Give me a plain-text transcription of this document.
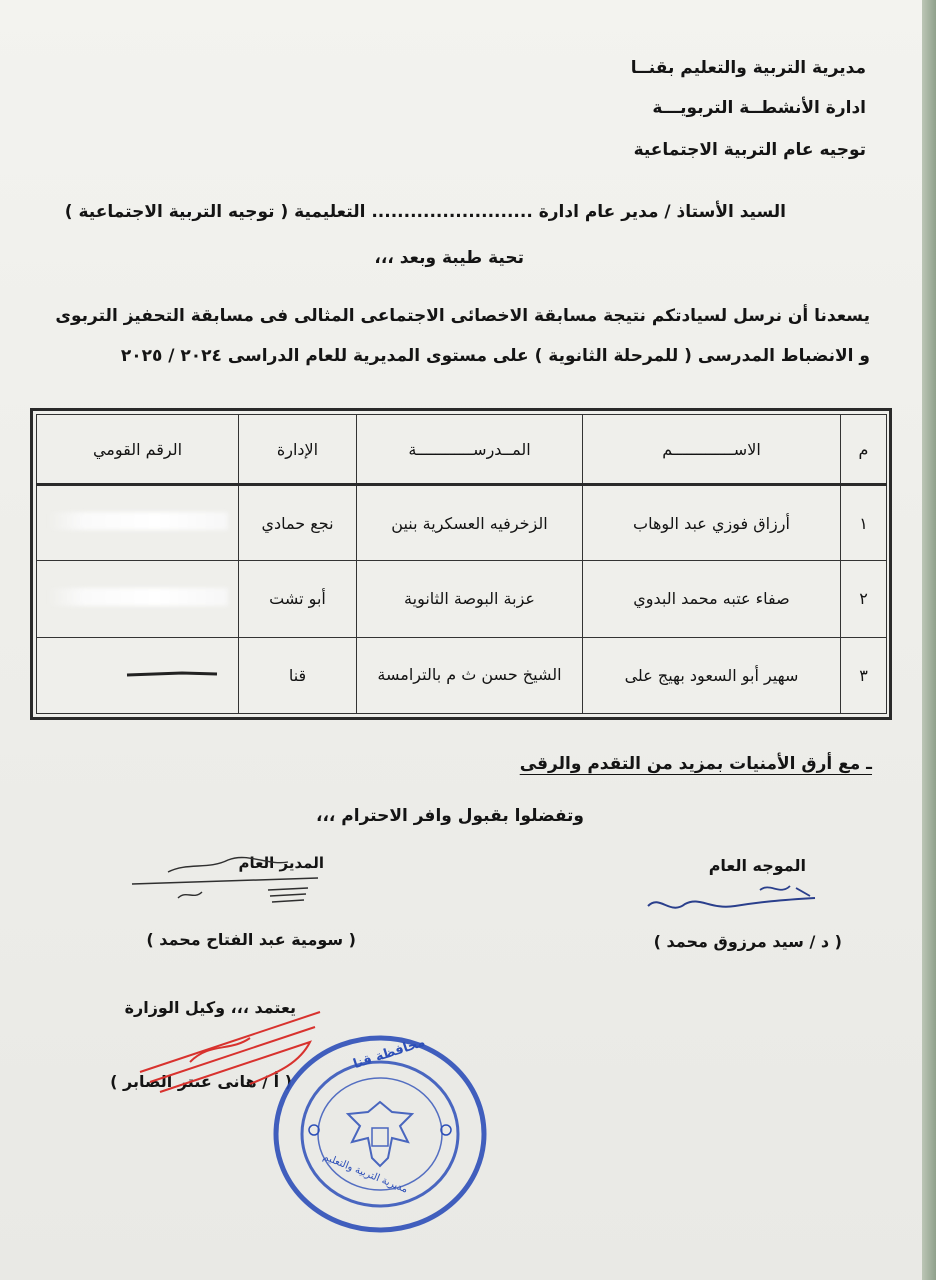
مديرية التربية والتعليم بقنــا
ادارة الأنشطــة التربويـــة
توجيه عام التربية الاجتماعية
السيد الأستاذ / مدير عام ادارة ......................... التعليمية ( توجيه التربية الاجتماعية )
تحية طيبة وبعد ،،،
يسعدنا أن نرسل لسيادتكم نتيجة مسابقة الاخصائى الاجتماعى المثالى فى مسابقة التحفيز التربوى
و الانضباط المدرسى ( للمرحلة الثانوية ) على مستوى المديرية للعام الدراسى ٢٠٢٤ / ٢٠٢٥
م	الاســـــــــــــم	المــدرســــــــــــة	الإدارة	الرقم القومي
١	أرزاق فوزي عبد الوهاب	الزخرفيه العسكرية بنين	نجع حمادي	
٢	صفاء عتبه محمد البدوي	عزبة البوصة الثانوية	أبو تشت	
٣	سهير أبو السعود بهيج على	الشيخ حسن ث م بالترامسة	قنا	
ـ مع أرق الأمنيات بمزيد من التقدم والرقى
وتفضلوا بقبول وافر الاحترام ،،،
الموجه العام
( د / سيد مرزوق محمد )
المدير العام
( سومية عبد الفتاح محمد )
يعتمد ،،، وكيل الوزارة
( أ / هانى عنتر الصابر )
محافظة قنا
مديرية التربية والتعليم
